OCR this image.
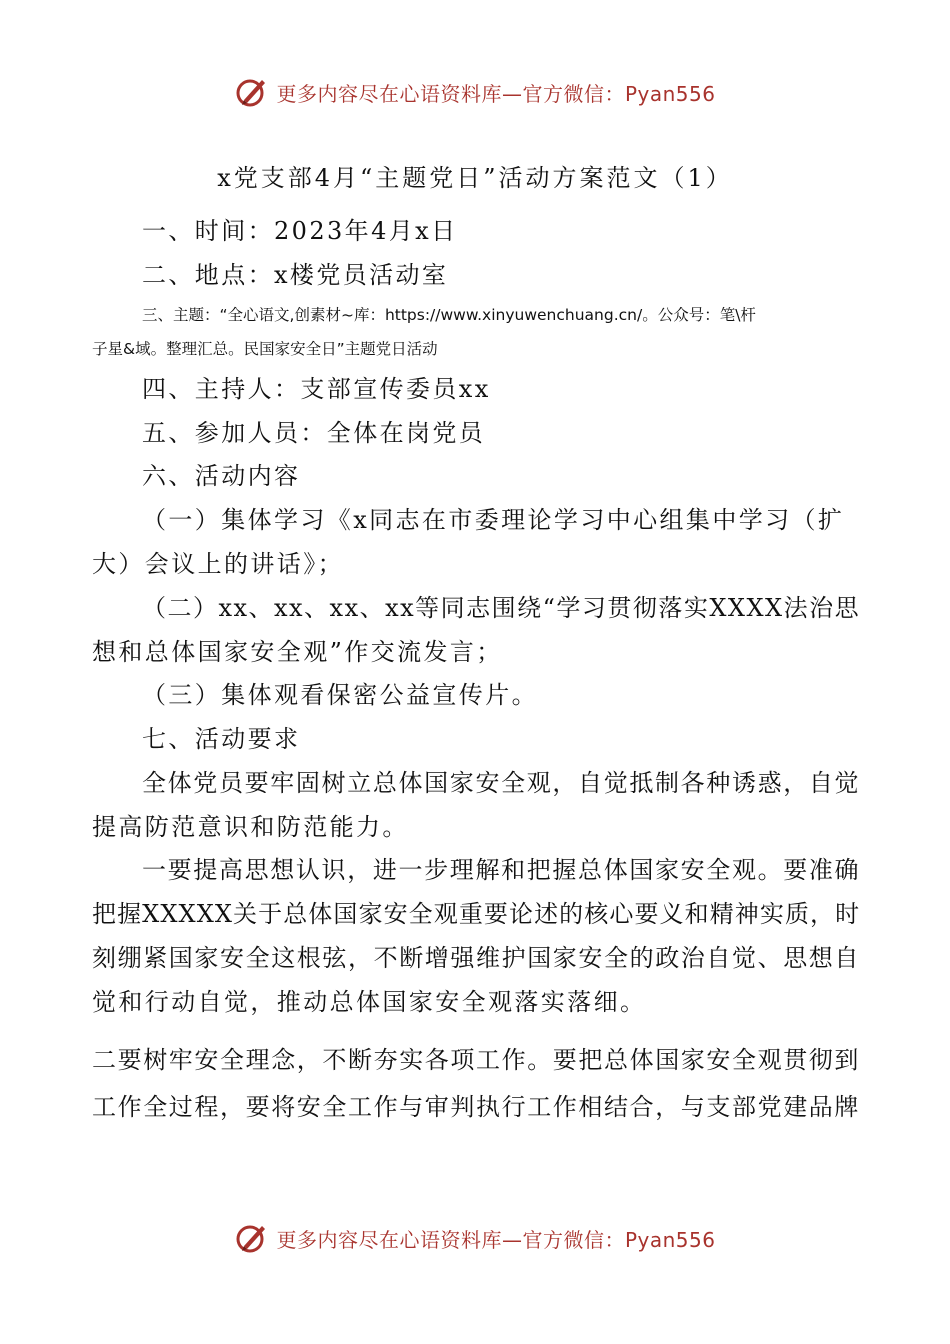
更多内容尽在心语资料库—官方微信：Pyan556
x党支部4月“主题党日”活动方案范文（1）
一、时间：2023年4月x日
二、地点：x楼党员活动室
三、主题：“全心语文,创素材~库：https://www.xinyuwenchuang.cn/。公众号：笔\杆
子星&域。整理汇总。民国家安全日”主题党日活动
四、主持人：支部宣传委员xx
五、参加人员：全体在岗党员
六、活动内容
（一）集体学习《x同志在市委理论学习中心组集中学习（扩
大）会议上的讲话》；
（二）xx、xx、xx、xx等同志围绕“学习贯彻落实XXXX法治思
想和总体国家安全观”作交流发言；
（三）集体观看保密公益宣传片。
七、活动要求
全体党员要牢固树立总体国家安全观，自觉抵制各种诱惑，自觉
提高防范意识和防范能力。
一要提高思想认识，进一步理解和把握总体国家安全观。要准确
把握XXXXX关于总体国家安全观重要论述的核心要义和精神实质，时
刻绷紧国家安全这根弦，不断增强维护国家安全的政治自觉、思想自
觉和行动自觉，推动总体国家安全观落实落细。
二要树牢安全理念，不断夯实各项工作。要把总体国家安全观贯彻到
工作全过程，要将安全工作与审判执行工作相结合，与支部党建品牌
更多内容尽在心语资料库—官方微信：Pyan556
